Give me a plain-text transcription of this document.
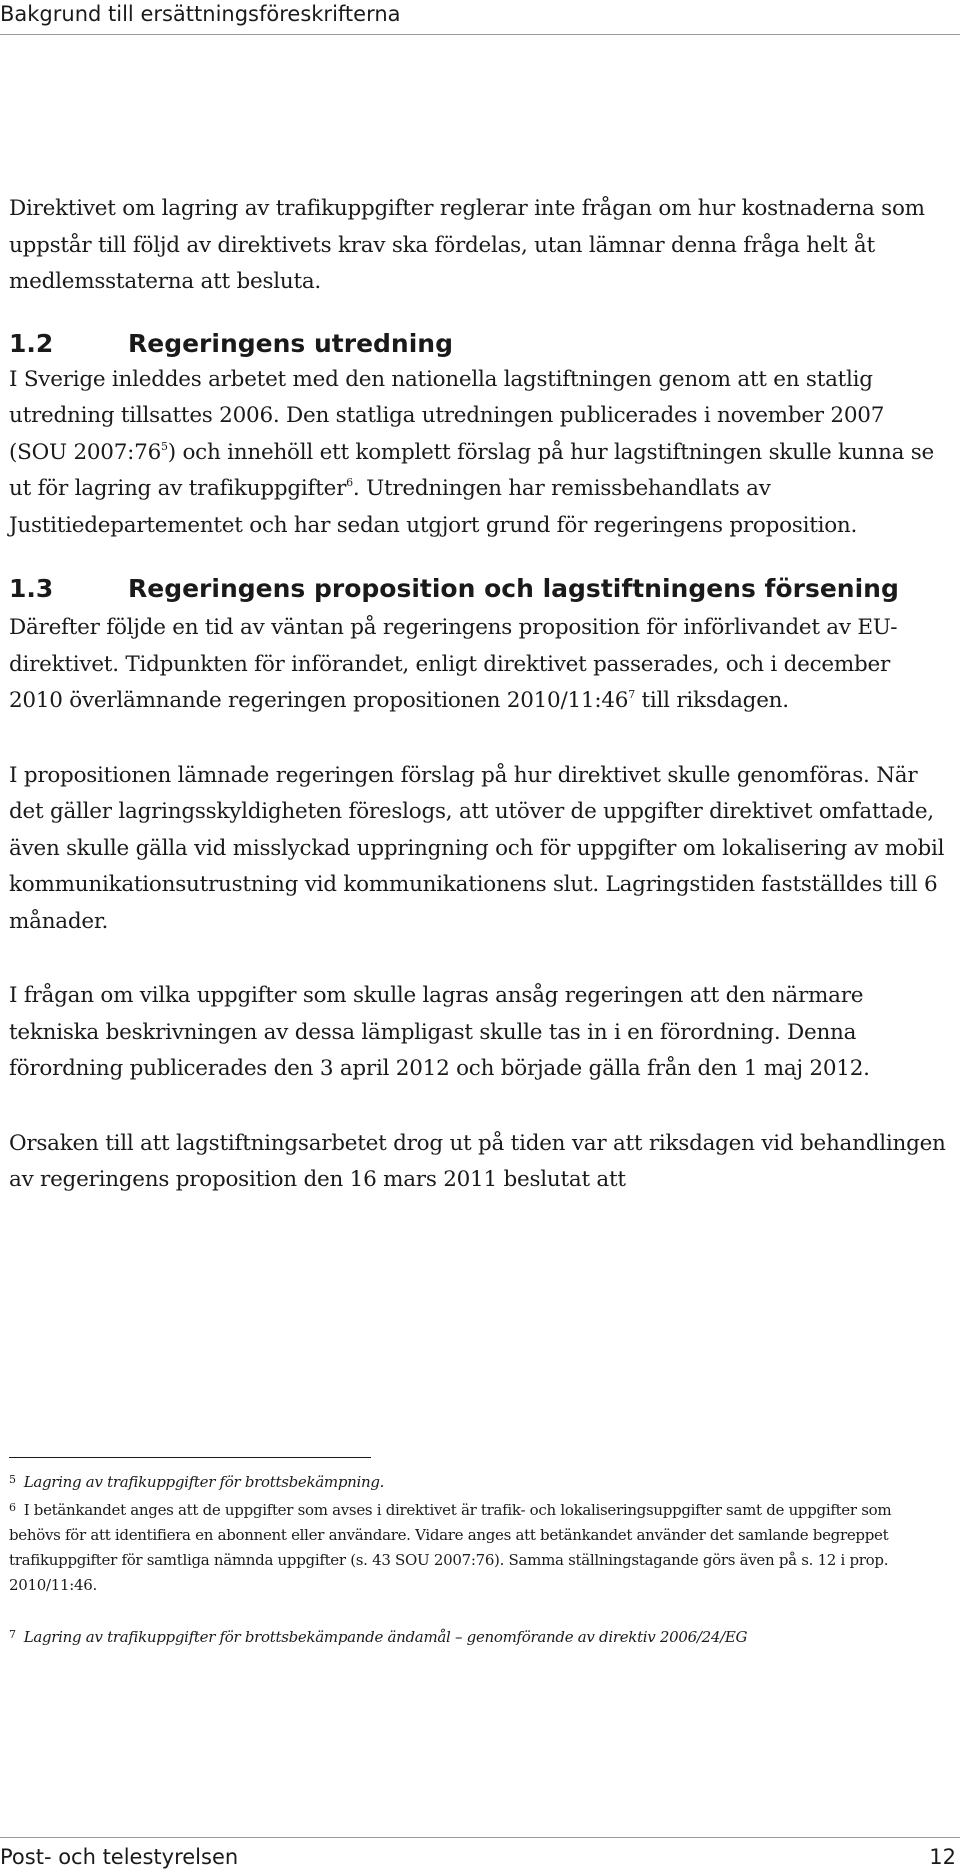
Bakgrund till ersättningsföreskrifterna

Direktivet om lagring av trafikuppgifter reglerar inte frågan om hur kostnaderna som uppstår till följd av direktivets krav ska fördelas, utan lämnar denna fråga helt åt medlemsstaterna att besluta.

1.2	Regeringens utredning

I Sverige inleddes arbetet med den nationella lagstiftningen genom att en statlig utredning tillsattes 2006. Den statliga utredningen publicerades i november 2007 (SOU $2007:76^5$) och innehöll ett komplett förslag på hur lagstiftningen skulle kunna se ut för lagring av trafikuppgifter$^6$. Utredningen har remissbehandlats av Justitiedepartementet och har sedan utgjort grund för regeringens proposition.

1.3	Regeringens proposition och lagstiftningens försening

Därefter följde en tid av väntan på regeringens proposition för införlivandet av EU-direktivet. Tidpunkten för införandet, enligt direktivet passerades, och i december 2010 överlämnande regeringen propositionen $2010/11:46^7$ till riksdagen.

I propositionen lämnade regeringen förslag på hur direktivet skulle genomföras. När det gäller lagringsskyldigheten föreslogs, att utöver de uppgifter direktivet omfattade, även skulle gälla vid misslyckad uppringning och för uppgifter om lokalisering av mobil kommunikationsutrustning vid kommunikationens slut. Lagringstiden fastställdes till 6 månader.

I frågan om vilka uppgifter som skulle lagras ansåg regeringen att den närmare tekniska beskrivningen av dessa lämpligast skulle tas in i en förordning. Denna förordning publicerades den 3 april 2012 och började gälla från den 1 maj 2012.

Orsaken till att lagstiftningsarbetet drog ut på tiden var att riksdagen vid behandlingen av regeringens proposition den 16 mars 2011 beslutat att

$^5$ Lagring av trafikuppgifter för brottsbekämpning.

$^6$ I betänkandet anges att de uppgifter som avses i direktivet är trafik- och lokaliseringsuppgifter samt de uppgifter som behövs för att identifiera en abonnent eller användare. Vidare anges att betänkandet använder det samlande begreppet trafikuppgifter för samtliga nämnda uppgifter (s. 43 SOU 2007:76). Samma ställningstagande görs även på s. 12 i prop. 2010/11:46.

$^7$ Lagring av trafikuppgifter för brottsbekämpande ändamål – genomförande av direktiv 2006/24/EG

Post- och telestyrelsen	12
